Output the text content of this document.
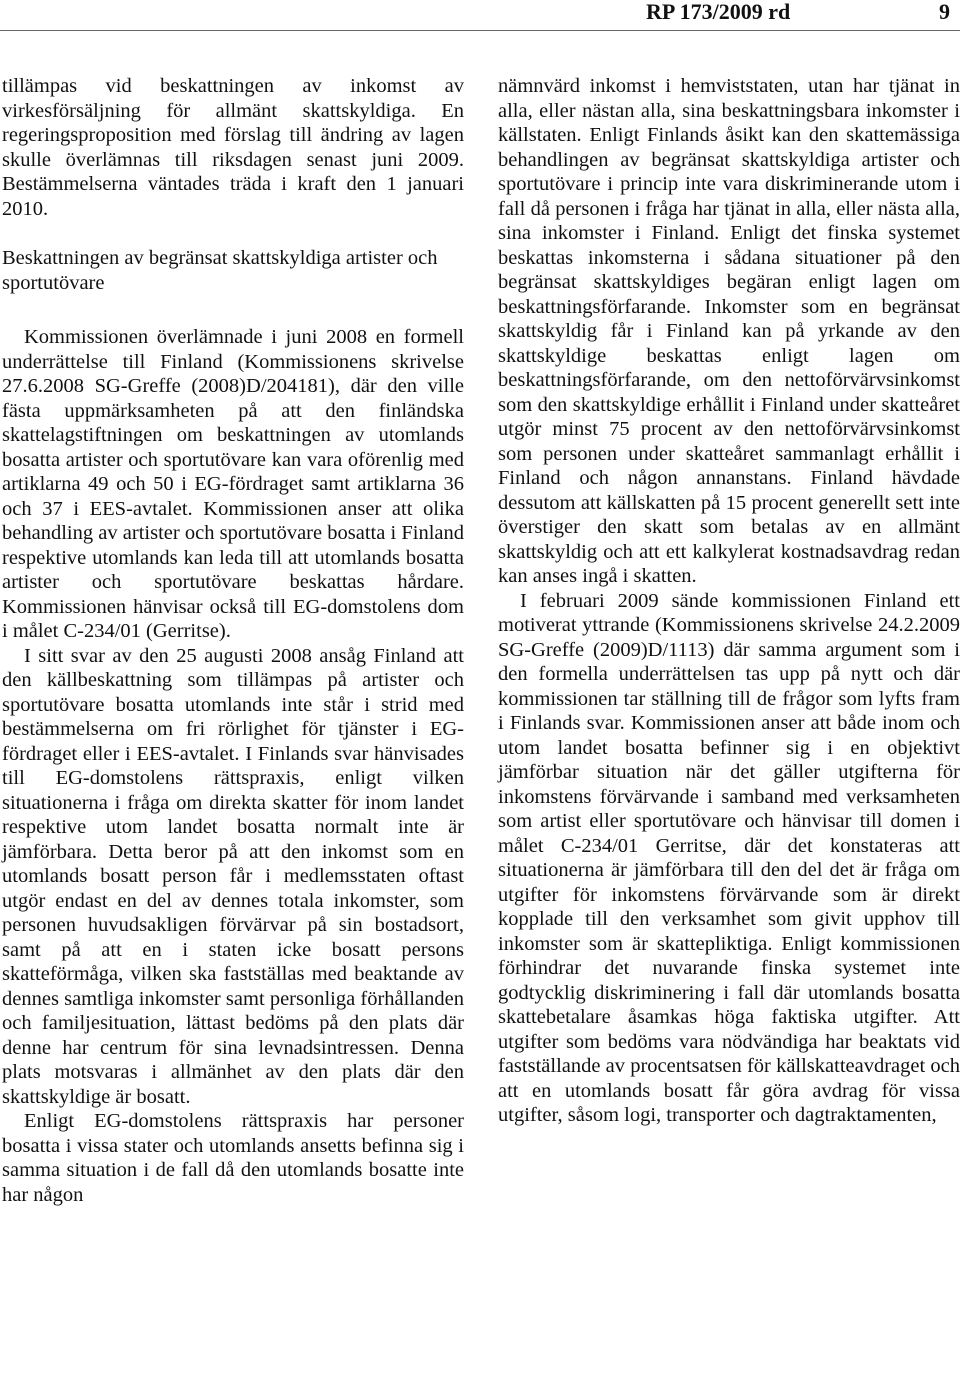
RP 173/2009 rd	9

tillämpas vid beskattningen av inkomst av virkesförsäljning för allmänt skattskyldiga. En regeringsproposition med förslag till ändring av lagen skulle överlämnas till riksdagen senast juni 2009. Bestämmelserna väntades träda i kraft den 1 januari 2010.

Beskattningen av begränsat skattskyldiga artister och sportutövare

Kommissionen överlämnade i juni 2008 en formell underrättelse till Finland (Kommissionens skrivelse 27.6.2008 SG-Greffe (2008)D/204181), där den ville fästa uppmärksamheten på att den finländska skattelagstiftningen om beskattningen av utomlands bosatta artister och sportutövare kan vara oförenlig med artiklarna 49 och 50 i EG-fördraget samt artiklarna 36 och 37 i EES-avtalet. Kommissionen anser att olika behandling av artister och sportutövare bosatta i Finland respektive utomlands kan leda till att utomlands bosatta artister och sportutövare beskattas hårdare. Kommissionen hänvisar också till EG-domstolens dom i målet C-234/01 (Gerritse).

I sitt svar av den 25 augusti 2008 ansåg Finland att den källbeskattning som tillämpas på artister och sportutövare bosatta utomlands inte står i strid med bestämmelserna om fri rörlighet för tjänster i EG-fördraget eller i EES-avtalet. I Finlands svar hänvisades till EG-domstolens rättspraxis, enligt vilken situationerna i fråga om direkta skatter för inom landet respektive utom landet bosatta normalt inte är jämförbara. Detta beror på att den inkomst som en utomlands bosatt person får i medlemsstaten oftast utgör endast en del av dennes totala inkomster, som personen huvudsakligen förvärvar på sin bostadsort, samt på att en i staten icke bosatt persons skatteförmåga, vilken ska fastställas med beaktande av dennes samtliga inkomster samt personliga förhållanden och familjesituation, lättast bedöms på den plats där denne har centrum för sina levnadsintressen. Denna plats motsvaras i allmänhet av den plats där den skattskyldige är bosatt.

Enligt EG-domstolens rättspraxis har personer bosatta i vissa stater och utomlands ansetts befinna sig i samma situation i de fall då den utomlands bosatte inte har någon

nämnvärd inkomst i hemviststaten, utan har tjänat in alla, eller nästan alla, sina beskattningsbara inkomster i källstaten. Enligt Finlands åsikt kan den skattemässiga behandlingen av begränsat skattskyldiga artister och sportutövare i princip inte vara diskriminerande utom i fall då personen i fråga har tjänat in alla, eller nästa alla, sina inkomster i Finland. Enligt det finska systemet beskattas inkomsterna i sådana situationer på den begränsat skattskyldiges begäran enligt lagen om beskattningsförfarande. Inkomster som en begränsat skattskyldig får i Finland kan på yrkande av den skattskyldige beskattas enligt lagen om beskattningsförfarande, om den nettoförvärvsinkomst som den skattskyldige erhållit i Finland under skatteåret utgör minst 75 procent av den nettoförvärvsinkomst som personen under skatteåret sammanlagt erhållit i Finland och någon annanstans. Finland hävdade dessutom att källskatten på 15 procent generellt sett inte överstiger den skatt som betalas av en allmänt skattskyldig och att ett kalkylerat kostnadsavdrag redan kan anses ingå i skatten.

I februari 2009 sände kommissionen Finland ett motiverat yttrande (Kommissionens skrivelse 24.2.2009 SG-Greffe (2009)D/1113) där samma argument som i den formella underrättelsen tas upp på nytt och där kommissionen tar ställning till de frågor som lyfts fram i Finlands svar. Kommissionen anser att både inom och utom landet bosatta befinner sig i en objektivt jämförbar situation när det gäller utgifterna för inkomstens förvärvande i samband med verksamheten som artist eller sportutövare och hänvisar till domen i målet C-234/01 Gerritse, där det konstateras att situationerna är jämförbara till den del det är fråga om utgifter för inkomstens förvärvande som är direkt kopplade till den verksamhet som givit upphov till inkomster som är skattepliktiga. Enligt kommissionen förhindrar det nuvarande finska systemet inte godtycklig diskriminering i fall där utomlands bosatta skattebetalare åsamkas höga faktiska utgifter. Att utgifter som bedöms vara nödvändiga har beaktats vid fastställande av procentsatsen för källskatteavdraget och att en utomlands bosatt får göra avdrag för vissa utgifter, såsom logi, transporter och dagtraktamenten,
